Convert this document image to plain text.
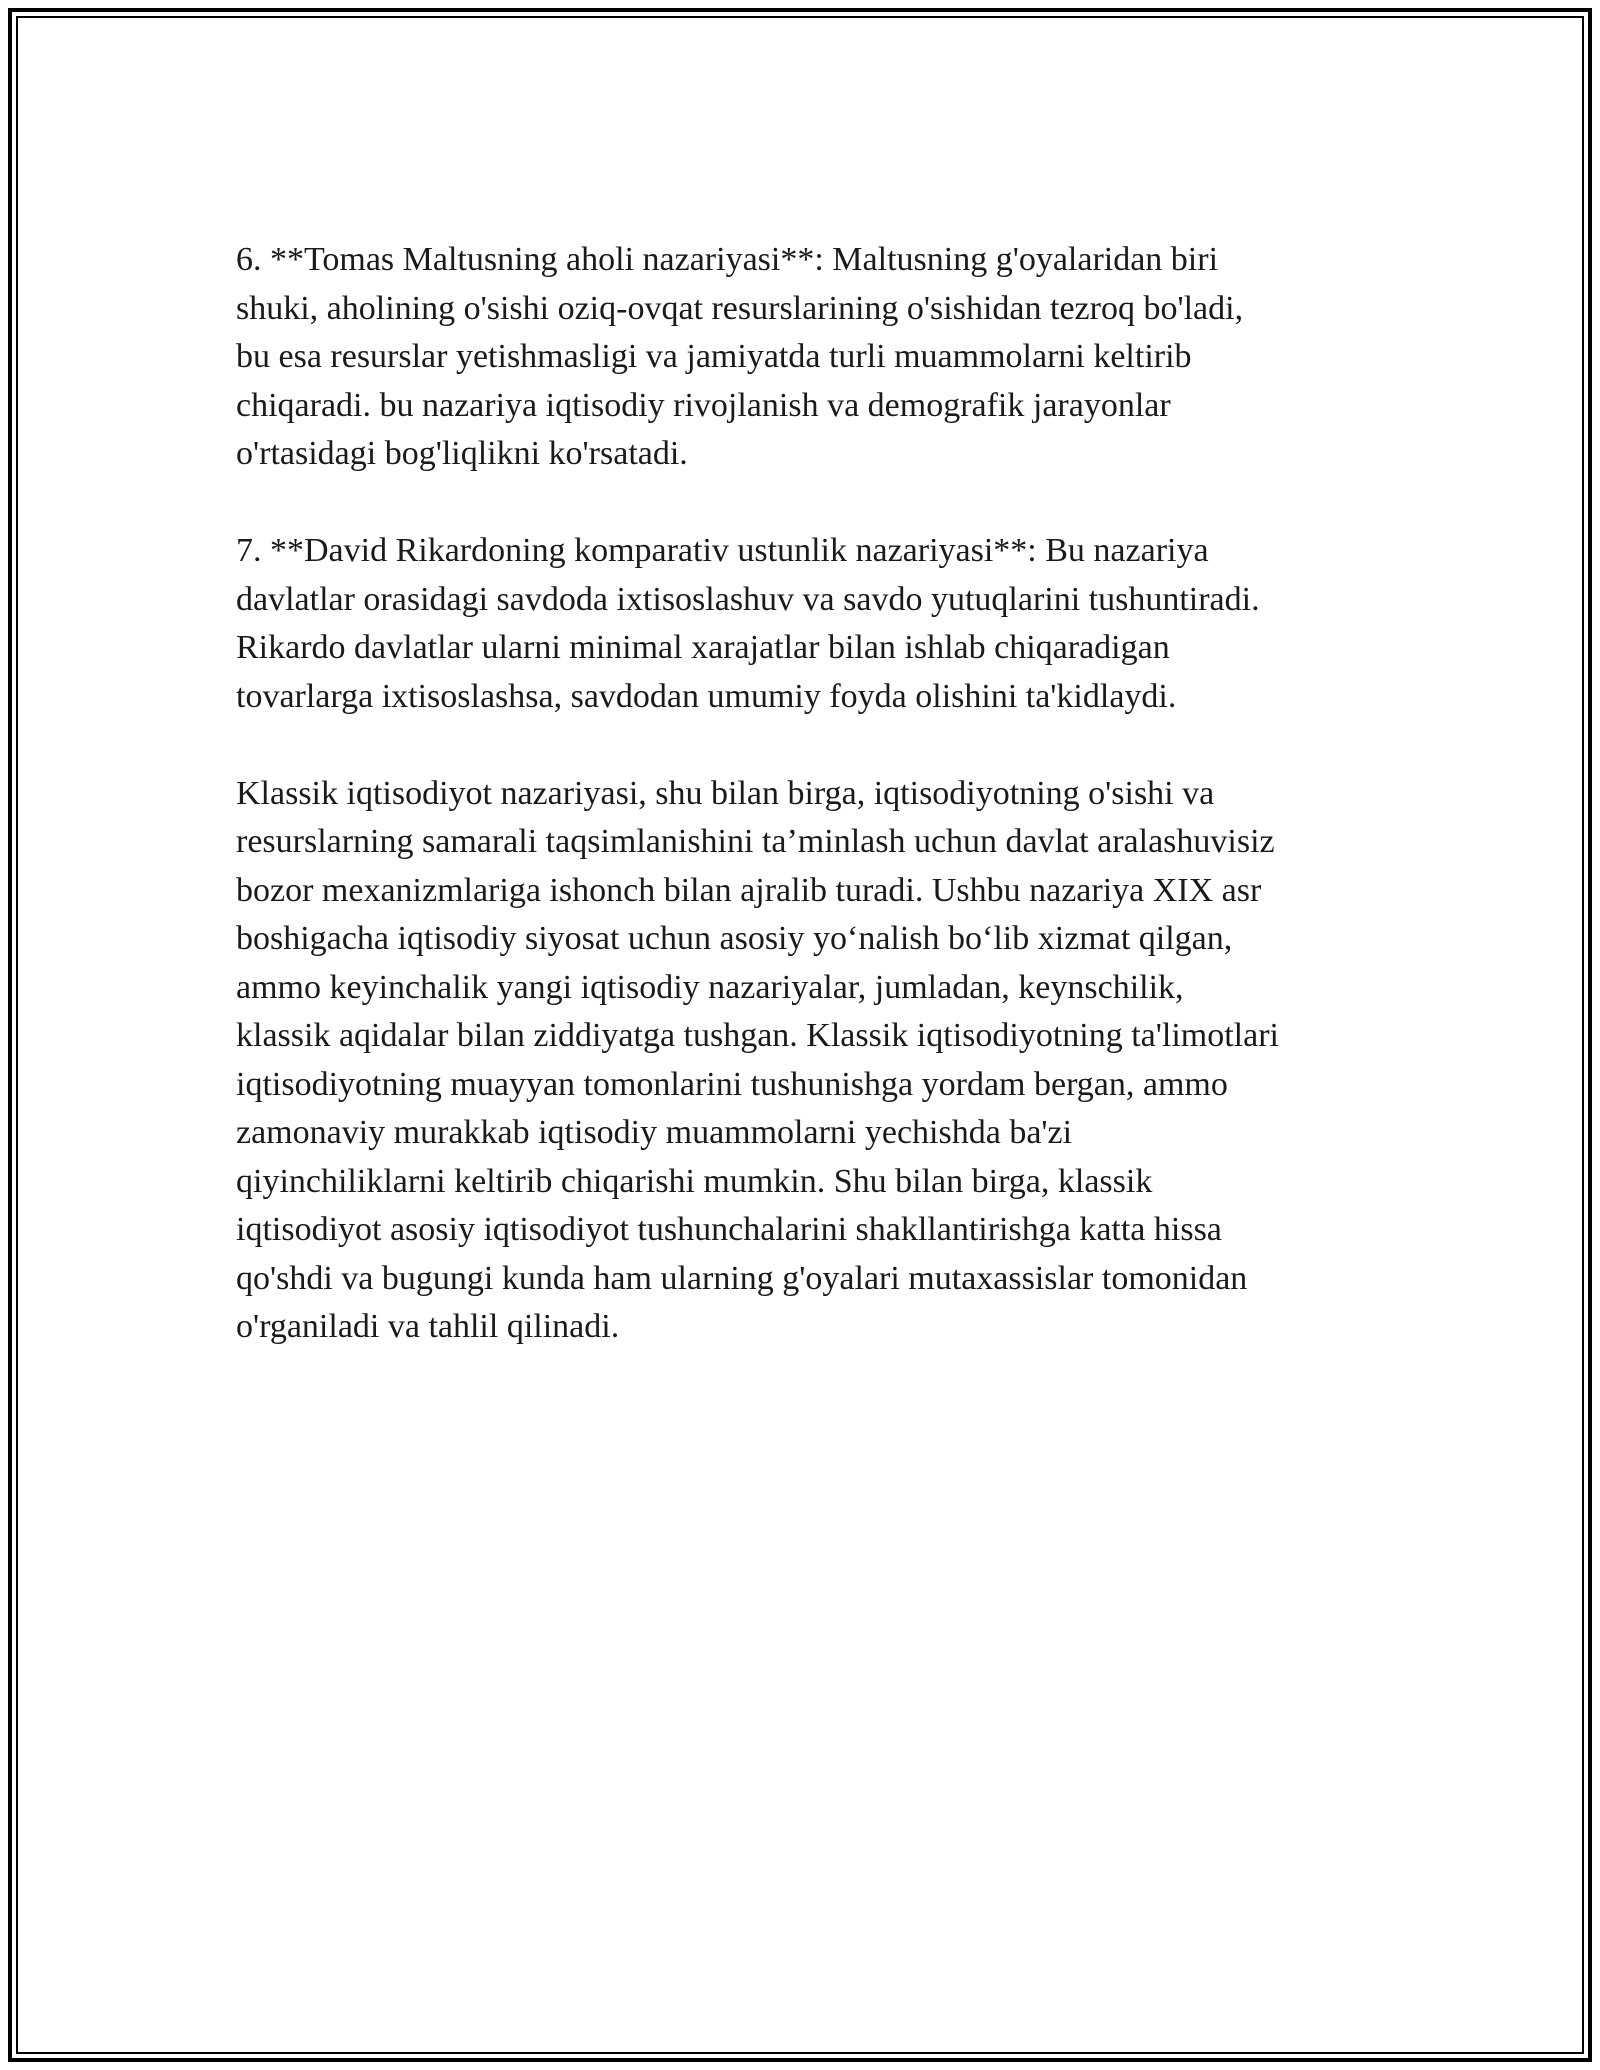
6. **Tomas Maltusning aholi nazariyasi**: Maltusning g'oyalaridan biri
shuki, aholining o'sishi oziq-ovqat resurslarining o'sishidan tezroq bo'ladi,
bu esa resurslar yetishmasligi va jamiyatda turli muammolarni keltirib
chiqaradi. bu nazariya iqtisodiy rivojlanish va demografik jarayonlar
o'rtasidagi bog'liqlikni ko'rsatadi.
7. **David Rikardoning komparativ ustunlik nazariyasi**: Bu nazariya
davlatlar orasidagi savdoda ixtisoslashuv va savdo yutuqlarini tushuntiradi.
Rikardo davlatlar ularni minimal xarajatlar bilan ishlab chiqaradigan
tovarlarga ixtisoslashsa, savdodan umumiy foyda olishini ta'kidlaydi.
Klassik iqtisodiyot nazariyasi, shu bilan birga, iqtisodiyotning o'sishi va
resurslarning samarali taqsimlanishini ta’minlash uchun davlat aralashuvisiz
bozor mexanizmlariga ishonch bilan ajralib turadi. Ushbu nazariya XIX asr
boshigacha iqtisodiy siyosat uchun asosiy yo‘nalish bo‘lib xizmat qilgan,
ammo keyinchalik yangi iqtisodiy nazariyalar, jumladan, keynschilik,
klassik aqidalar bilan ziddiyatga tushgan. Klassik iqtisodiyotning ta'limotlari
iqtisodiyotning muayyan tomonlarini tushunishga yordam bergan, ammo
zamonaviy murakkab iqtisodiy muammolarni yechishda ba'zi
qiyinchiliklarni keltirib chiqarishi mumkin. Shu bilan birga, klassik
iqtisodiyot asosiy iqtisodiyot tushunchalarini shakllantirishga katta hissa
qo'shdi va bugungi kunda ham ularning g'oyalari mutaxassislar tomonidan
o'rganiladi va tahlil qilinadi.
